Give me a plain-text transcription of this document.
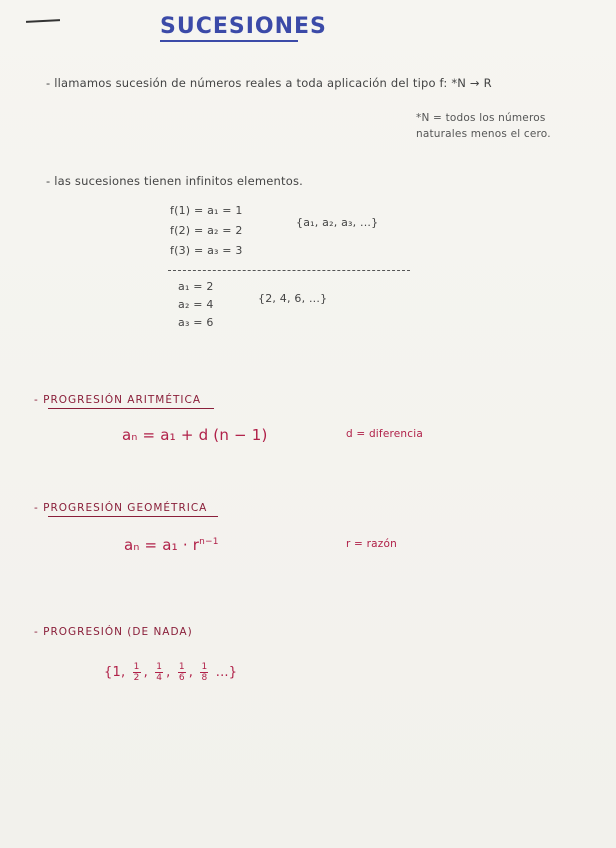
SUCESIONES
- llamamos sucesión de números reales a toda aplicación del tipo f: *N → R
*N = todos los números
naturales menos el cero.
- las sucesiones tienen infinitos elementos.
f(1) = a₁ = 1
f(2) = a₂ = 2
f(3) = a₃ = 3
{a₁, a₂, a₃, ...}
a₁ = 2
a₂ = 4
a₃ = 6
{2, 4, 6, ...}
- PROGRESIÓN ARITMÉTICA
aₙ = a₁ + d (n − 1)	d = diferencia
- PROGRESIÓN GEOMÉTRICA
$a_n = a_1 \cdot r^{n-1}$	r = razón
- PROGRESIÓN (DE NADA)
{1, $\frac{1}{2}$ , $\frac{1}{4}$ , $\frac{1}{6}$ , $\frac{1}{8}$ ...}
